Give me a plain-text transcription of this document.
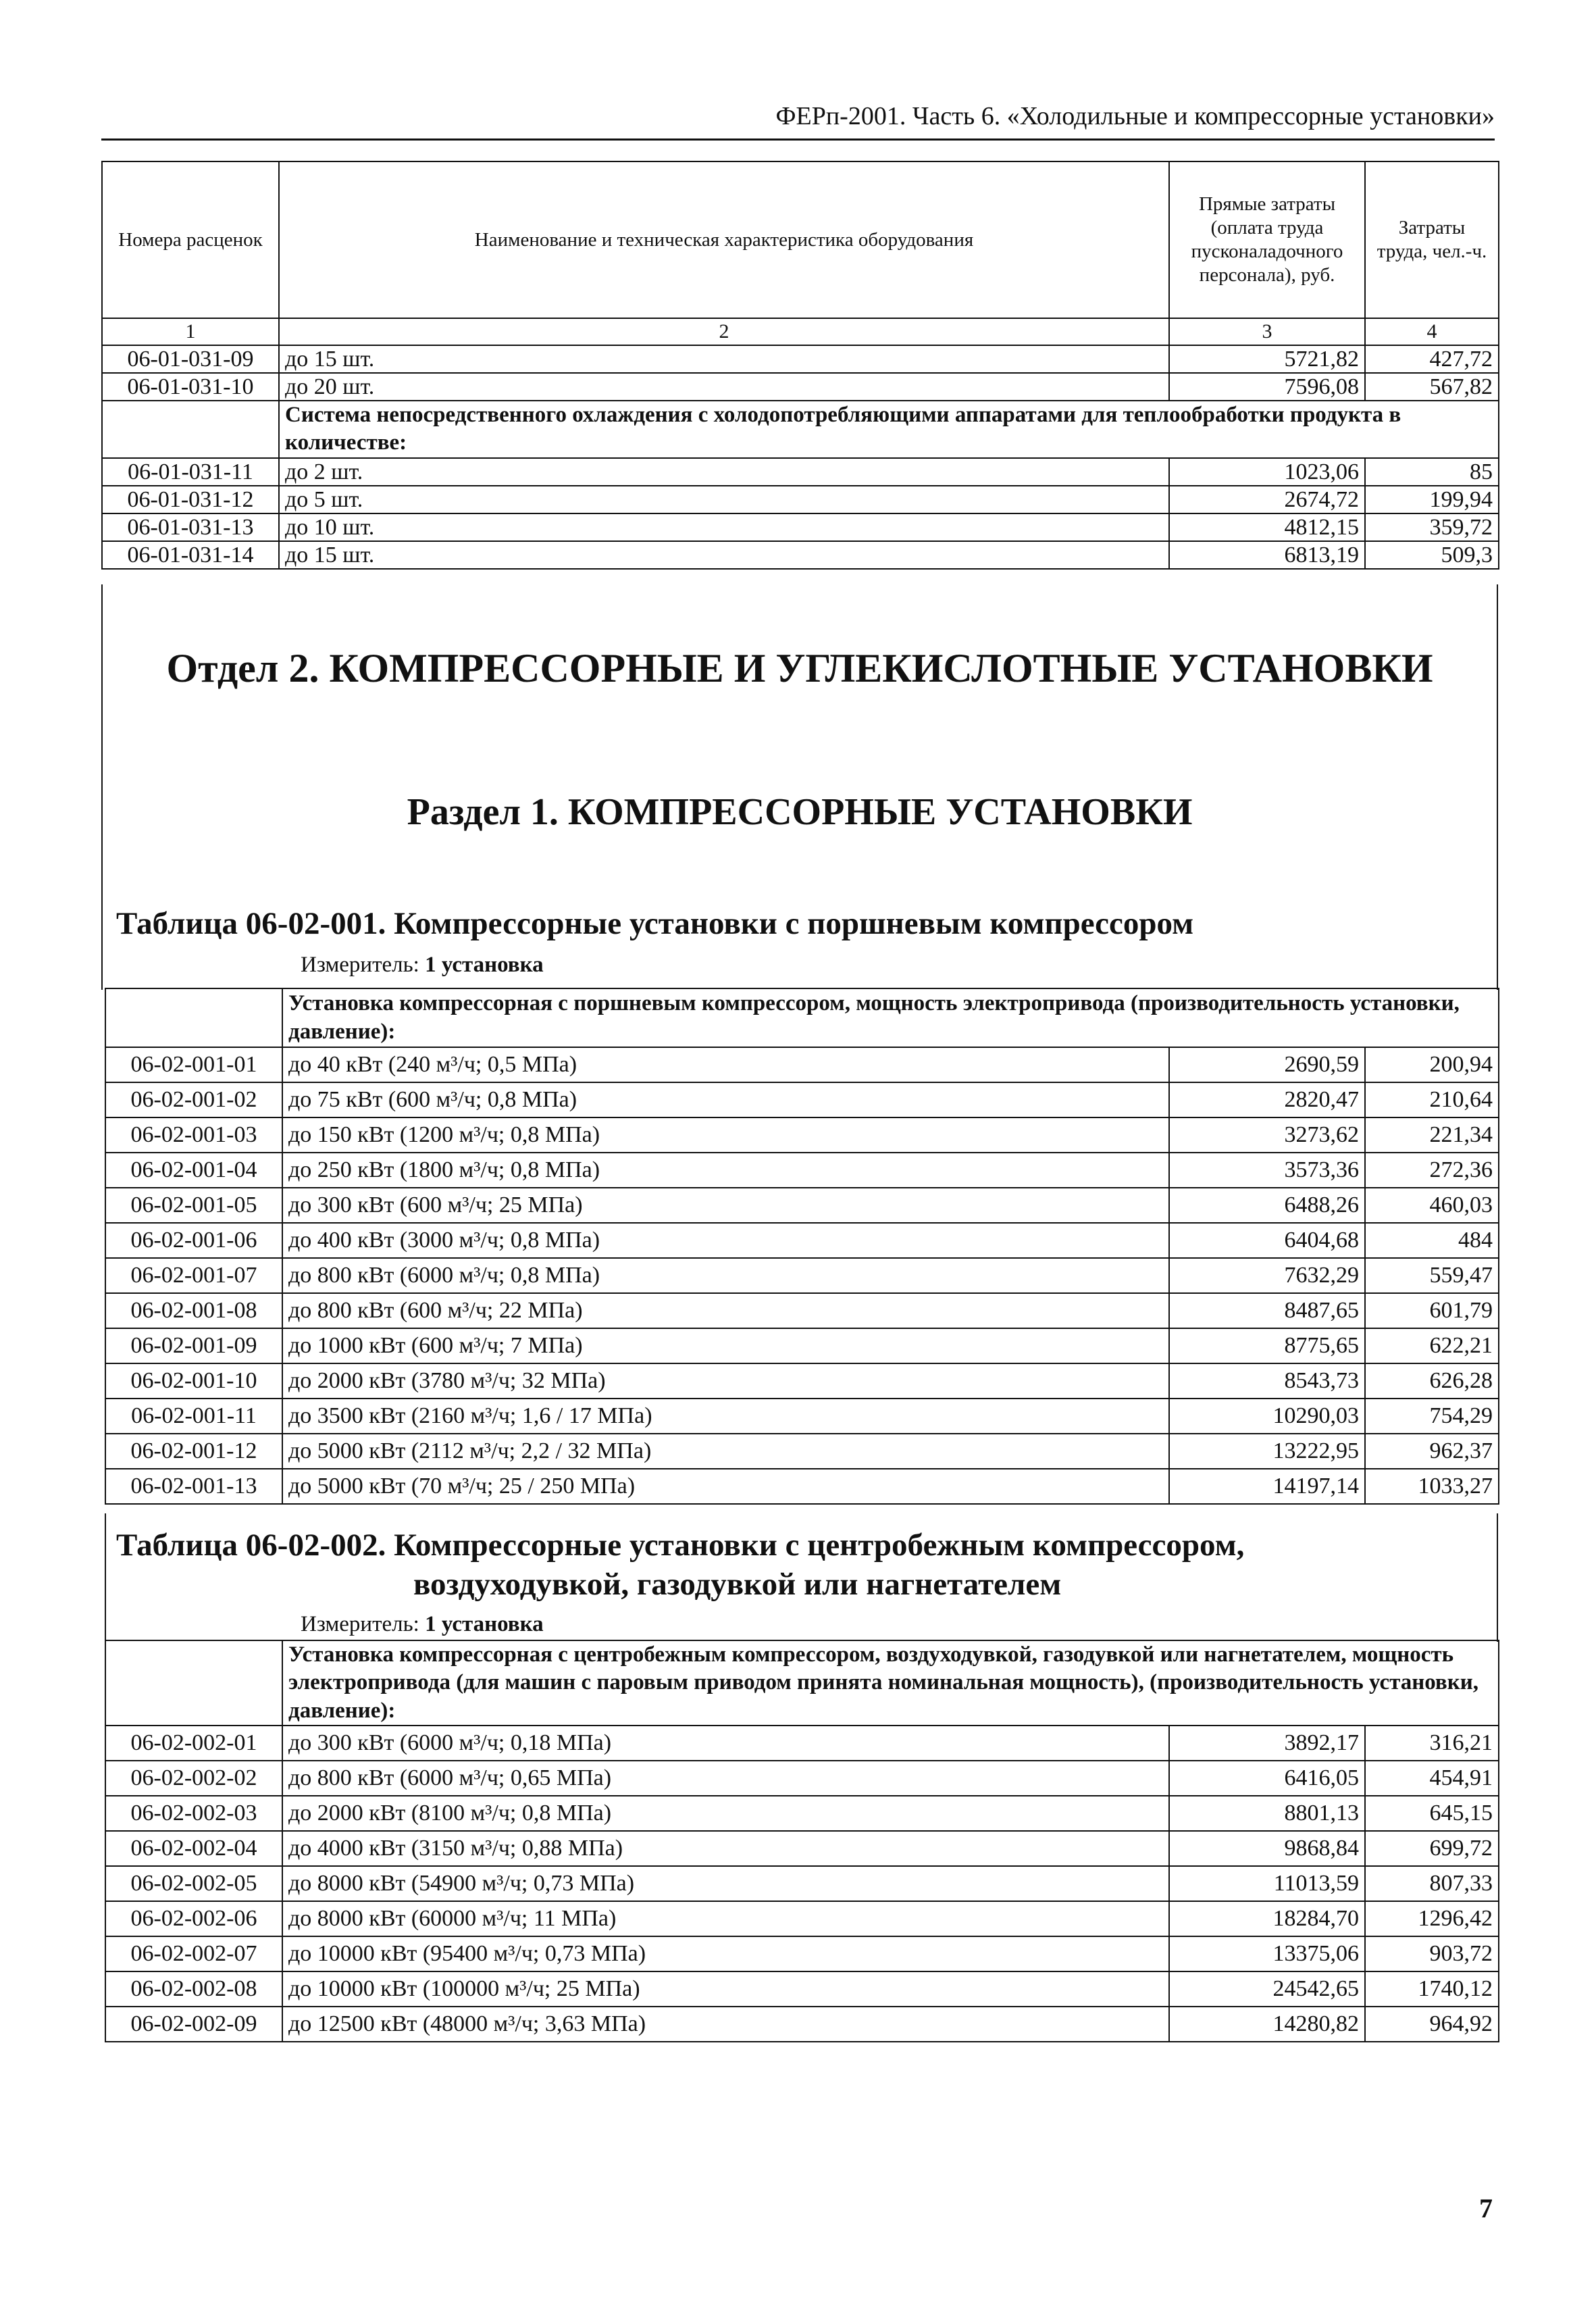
ФЕРп-2001. Часть 6. «Холодильные и компрессорные установки»
Номера расценок	Наименование и техническая характеристика оборудования	Прямые затраты (оплата труда пусконаладочного персонала), руб.	Затраты труда, чел.-ч.
1	2	3	4
06-01-031-09	до 15 шт.	5721,82	427,72
06-01-031-10	до 20 шт.	7596,08	567,82
	Система непосредственного охлаждения с холодопотребляющими аппаратами для теплообработки продукта в количестве:		
06-01-031-11	до 2 шт.	1023,06	85
06-01-031-12	до 5 шт.	2674,72	199,94
06-01-031-13	до 10 шт.	4812,15	359,72
06-01-031-14	до 15 шт.	6813,19	509,3
Отдел 2. КОМПРЕССОРНЫЕ И УГЛЕКИСЛОТНЫЕ УСТАНОВКИ
Раздел 1. КОМПРЕССОРНЫЕ УСТАНОВКИ
Таблица 06-02-001. Компрессорные установки с поршневым компрессором
Измеритель: 1 установка
	Установка компрессорная с поршневым компрессором, мощность электропривода (производительность установки, давление):		
06-02-001-01	до 40 кВт (240 м³/ч; 0,5 МПа)	2690,59	200,94
06-02-001-02	до 75 кВт (600 м³/ч; 0,8 МПа)	2820,47	210,64
06-02-001-03	до 150 кВт (1200 м³/ч; 0,8 МПа)	3273,62	221,34
06-02-001-04	до 250 кВт (1800 м³/ч; 0,8 МПа)	3573,36	272,36
06-02-001-05	до 300 кВт (600 м³/ч; 25 МПа)	6488,26	460,03
06-02-001-06	до 400 кВт (3000 м³/ч; 0,8 МПа)	6404,68	484
06-02-001-07	до 800 кВт (6000 м³/ч; 0,8 МПа)	7632,29	559,47
06-02-001-08	до 800 кВт (600 м³/ч; 22 МПа)	8487,65	601,79
06-02-001-09	до 1000 кВт (600 м³/ч; 7 МПа)	8775,65	622,21
06-02-001-10	до 2000 кВт (3780 м³/ч; 32 МПа)	8543,73	626,28
06-02-001-11	до 3500 кВт (2160 м³/ч; 1,6 / 17 МПа)	10290,03	754,29
06-02-001-12	до 5000 кВт (2112 м³/ч; 2,2 / 32 МПа)	13222,95	962,37
06-02-001-13	до 5000 кВт (70 м³/ч; 25 / 250 МПа)	14197,14	1033,27
Таблица 06-02-002. Компрессорные установки с центробежным компрессором,
воздуходувкой, газодувкой или нагнетателем
Измеритель: 1 установка
	Установка компрессорная с центробежным компрессором, воздуходувкой, газодувкой или нагнетателем, мощность электропривода (для машин с паровым приводом принята номинальная мощность), (производительность установки, давление):		
06-02-002-01	до 300 кВт (6000 м³/ч; 0,18 МПа)	3892,17	316,21
06-02-002-02	до 800 кВт (6000 м³/ч; 0,65 МПа)	6416,05	454,91
06-02-002-03	до 2000 кВт (8100 м³/ч; 0,8 МПа)	8801,13	645,15
06-02-002-04	до 4000 кВт (3150 м³/ч; 0,88 МПа)	9868,84	699,72
06-02-002-05	до 8000 кВт (54900 м³/ч; 0,73 МПа)	11013,59	807,33
06-02-002-06	до 8000 кВт (60000 м³/ч; 11 МПа)	18284,70	1296,42
06-02-002-07	до 10000 кВт (95400 м³/ч; 0,73 МПа)	13375,06	903,72
06-02-002-08	до 10000 кВт (100000 м³/ч; 25 МПа)	24542,65	1740,12
06-02-002-09	до 12500 кВт (48000 м³/ч; 3,63 МПа)	14280,82	964,92
7
